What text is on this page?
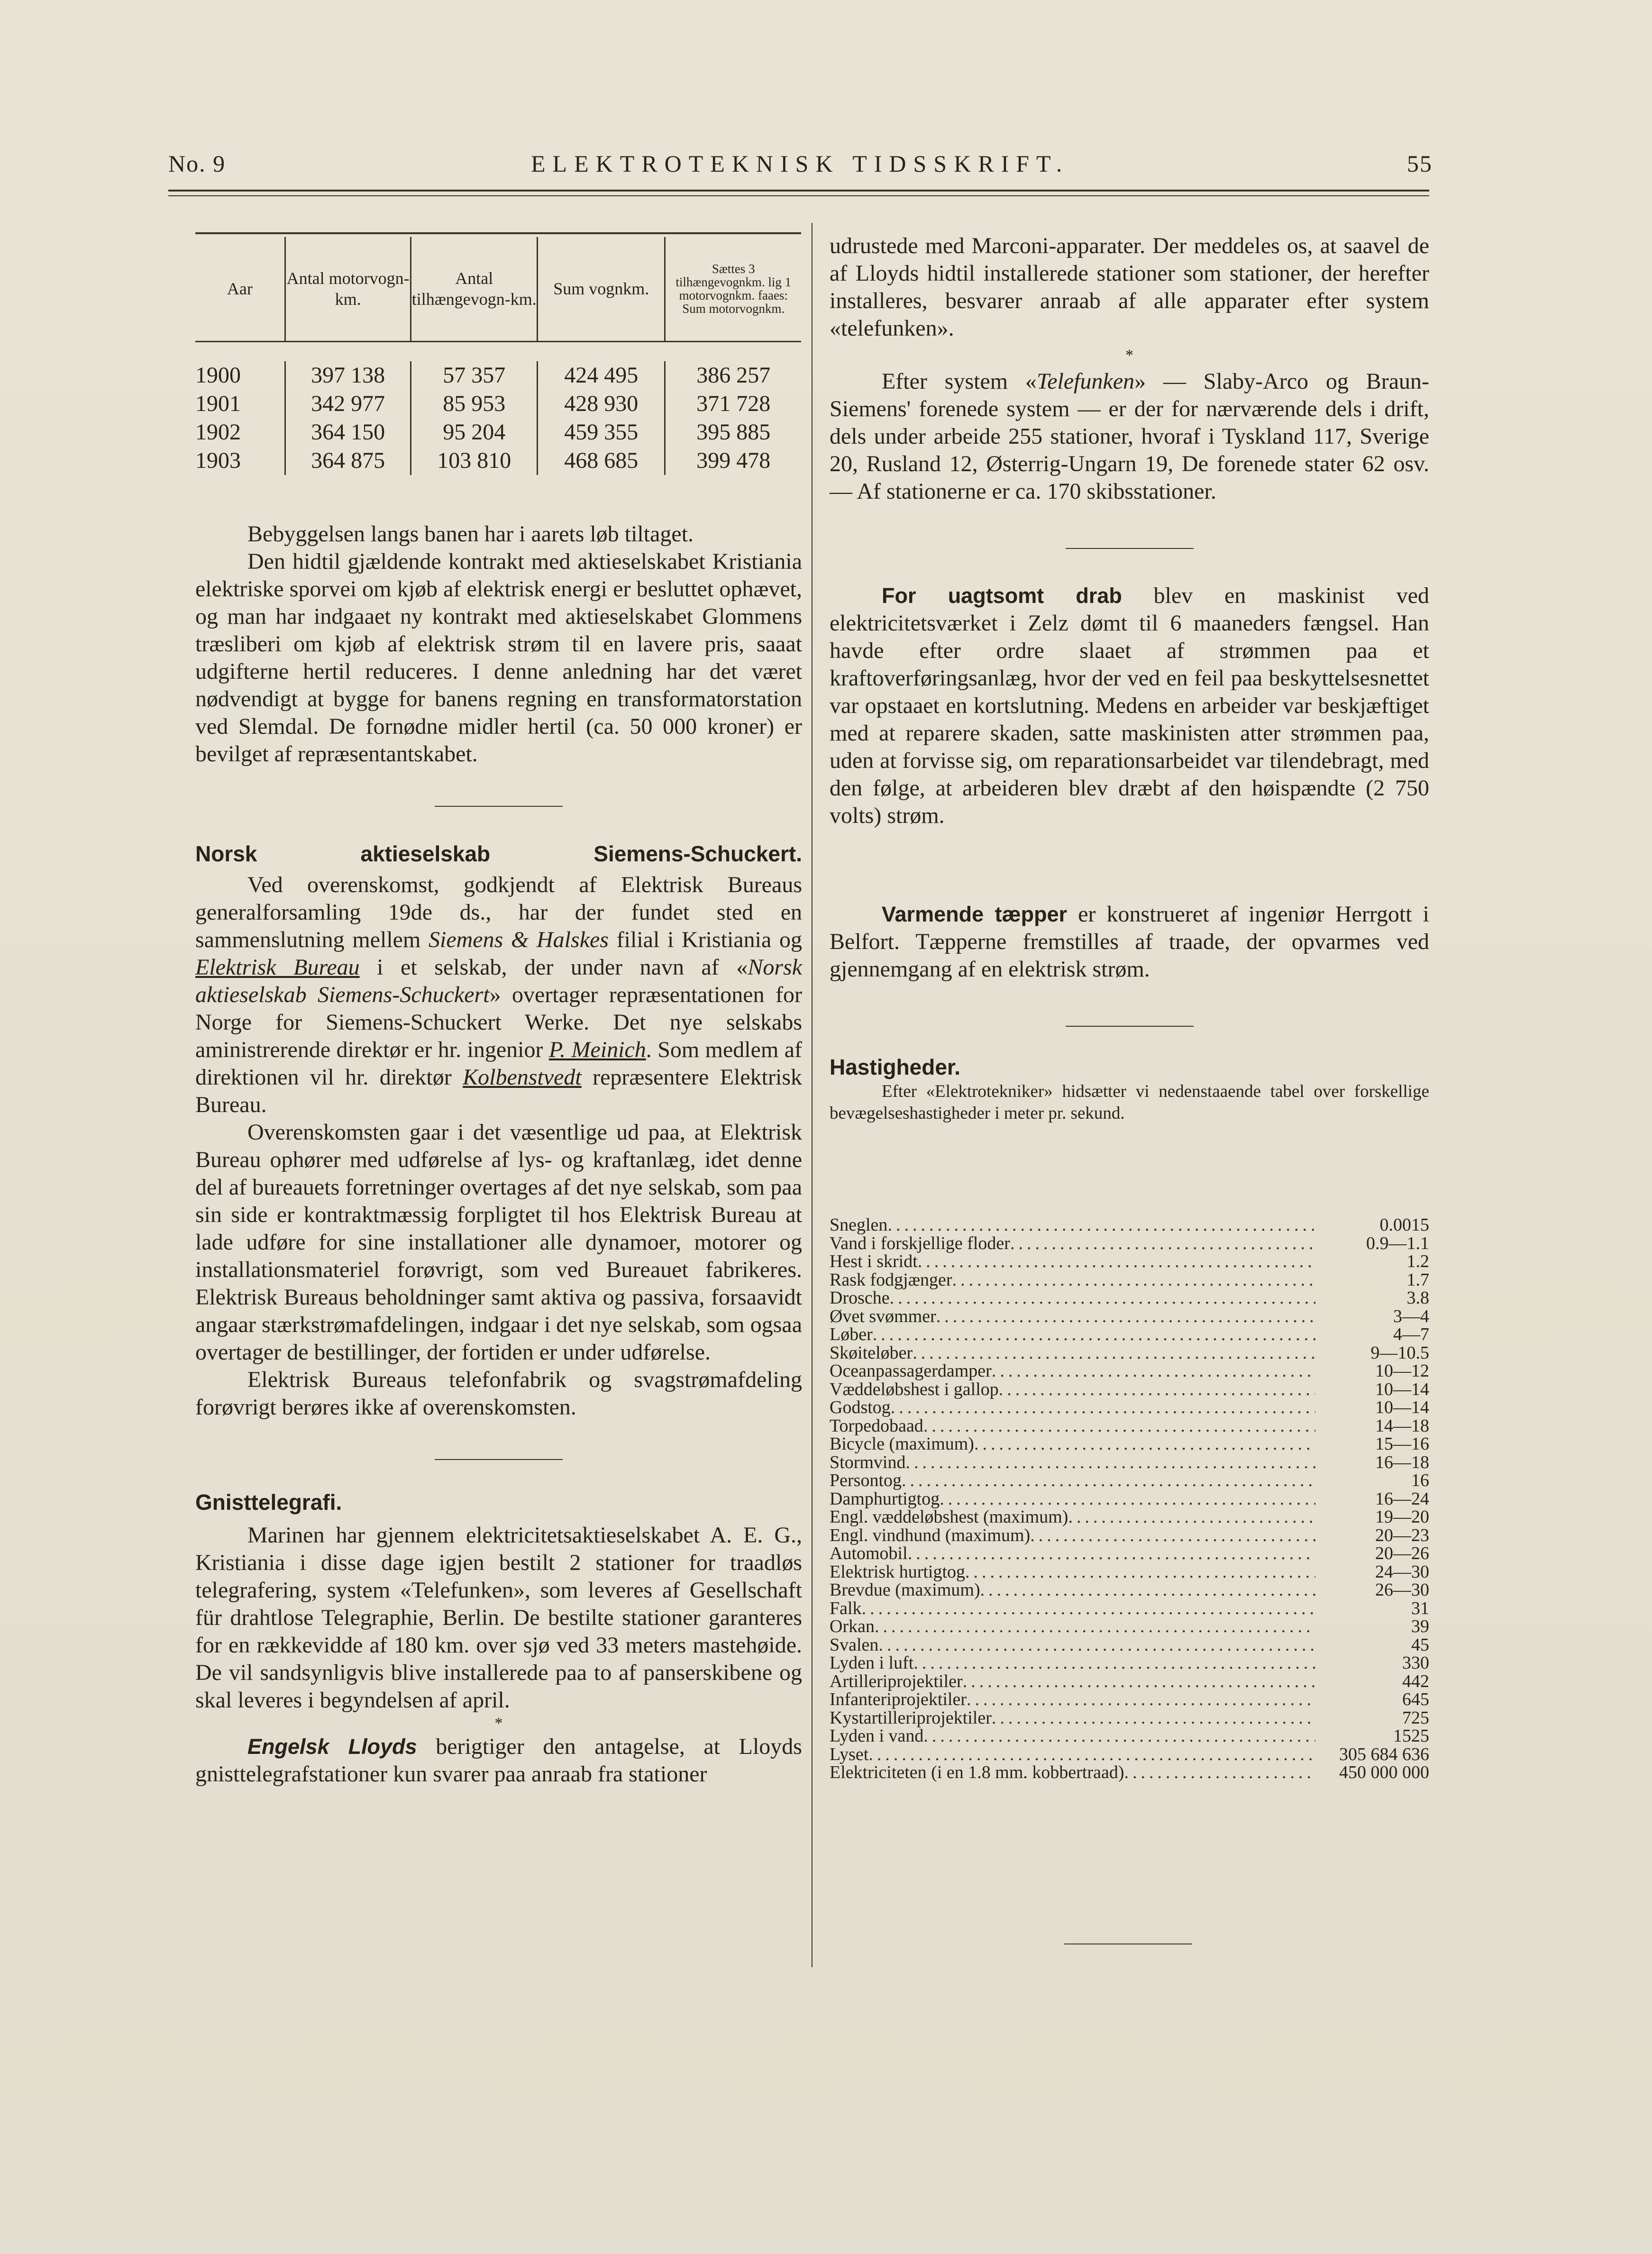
No. 9	ELEKTROTEKNISK TIDSSKRIFT.	55
Aar	Antal motorvogn-km.	Antal tilhængevogn-km.	Sum vognkm.	Sættes 3 tilhængevognkm. lig 1 motorvognkm. faaes: Sum motorvognkm.

1900	397 138	57 357	424 495	386 257
1901	342 977	85 953	428 930	371 728
1902	364 150	95 204	459 355	395 885
1903	364 875	103 810	468 685	399 478

Bebyggelsen langs banen har i aarets løb tiltaget.

Den hidtil gjældende kontrakt med aktieselskabet Kristiania elektriske sporvei om kjøb af elektrisk energi er besluttet ophævet, og man har indgaaet ny kontrakt med aktieselskabet Glommens træsliberi om kjøb af elektrisk strøm til en lavere pris, saaat udgifterne hertil reduceres. I denne anledning har det været nødvendigt at bygge for banens regning en transformatorstation ved Slemdal. De fornødne midler hertil (ca. 50 000 kroner) er bevilget af repræsentantskabet.

Norsk aktieselskab Siemens-Schuckert.

Ved overenskomst, godkjendt af Elektrisk Bureaus generalforsamling 19de ds., har der fundet sted en sammenslutning mellem Siemens & Halskes filial i Kristiania og Elektrisk Bureau i et selskab, der under navn af «Norsk aktieselskab Siemens-Schuckert» overtager repræsentationen for Norge for Siemens-Schuckert Werke. Det nye selskabs aministrerende direktør er hr. ingenior P. Meinich. Som medlem af direktionen vil hr. direktør Kolbenstvedt repræsentere Elektrisk Bureau.

Overenskomsten gaar i det væsentlige ud paa, at Elektrisk Bureau ophører med udførelse af lys- og kraftanlæg, idet denne del af bureauets forretninger overtages af det nye selskab, som paa sin side er kontraktmæssig forpligtet til hos Elektrisk Bureau at lade udføre for sine installationer alle dynamoer, motorer og installationsmateriel forøvrigt, som ved Bureauet fabrikeres. Elektrisk Bureaus beholdninger samt aktiva og passiva, forsaavidt angaar stærkstrømafdelingen, indgaar i det nye selskab, som ogsaa overtager de bestillinger, der fortiden er under udførelse.

Elektrisk Bureaus telefonfabrik og svagstrømafdeling forøvrigt berøres ikke af overenskomsten.

Gnisttelegrafi.

Marinen har gjennem elektricitetsaktieselskabet A. E. G., Kristiania i disse dage igjen bestilt 2 stationer for traadløs telegrafering, system «Telefunken», som leveres af Gesellschaft für drahtlose Telegraphie, Berlin. De bestilte stationer garanteres for en rækkevidde af 180 km. over sjø ved 33 meters mastehøide. De vil sandsynligvis blive installerede paa to af panserskibene og skal leveres i begyndelsen af april.

*

Engelsk Lloyds berigtiger den antagelse, at Lloyds gnisttelegrafstationer kun svarer paa anraab fra stationer

udrustede med Marconi-apparater. Der meddeles os, at saavel de af Lloyds hidtil installerede stationer som stationer, der herefter installeres, besvarer anraab af alle apparater efter system «telefunken».

*

Efter system «Telefunken» — Slaby-Arco og Braun-Siemens' forenede system — er der for nærværende dels i drift, dels under arbeide 255 stationer, hvoraf i Tyskland 117, Sverige 20, Rusland 12, Østerrig-Ungarn 19, De forenede stater 62 osv. — Af stationerne er ca. 170 skibsstationer.

For uagtsomt drab blev en maskinist ved elektricitetsværket i Zelz dømt til 6 maaneders fængsel. Han havde efter ordre slaaet af strømmen paa et kraftoverføringsanlæg, hvor der ved en feil paa beskyttelsesnettet var opstaaet en kortslutning. Medens en arbeider var beskjæftiget med at reparere skaden, satte maskinisten atter strømmen paa, uden at forvisse sig, om reparationsarbeidet var tilendebragt, med den følge, at arbeideren blev dræbt af den høispændte (2 750 volts) strøm.

Varmende tæpper er konstrueret af ingeniør Herrgott i Belfort. Tæpperne fremstilles af traade, der opvarmes ved gjennemgang af en elektrisk strøm.

Hastigheder.

Efter «Elektrotekniker» hidsætter vi nedenstaaende tabel over forskellige bevægelseshastigheder i meter pr. sekund.

Sneglen .....	0.0015
Vand i forskjellige floder .....	0.9—1.1
Hest i skridt .....	1.2
Rask fodgjænger .....	1.7
Drosche .....	3.8
Øvet svømmer .....	3—4
Løber .....	4—7
Skøiteløber .....	9—10.5
Oceanpassagerdamper .....	10—12
Væddeløbshest i gallop .....	10—14
Godstog .....	10—14
Torpedobaad .....	14—18
Bicycle (maximum) .....	15—16
Stormvind .....	16—18
Persontog .....	16
Damphurtigtog .....	16—24
Engl. væddeløbshest (maximum) .....	19—20
Engl. vindhund (maximum) .....	20—23
Automobil .....	20—26
Elektrisk hurtigtog .....	24—30
Brevdue (maximum) .....	26—30
Falk .....	31
Orkan .....	39
Svalen .....	45
Lyden i luft .....	330
Artilleriprojektiler .....	442
Infanteriprojektiler .....	645
Kystartilleriprojektiler .....	725
Lyden i vand .....	1525
Lyset .....	305 684 636
Elektriciteten (i en 1.8 mm. kobbertraad) .....	450 000 000
